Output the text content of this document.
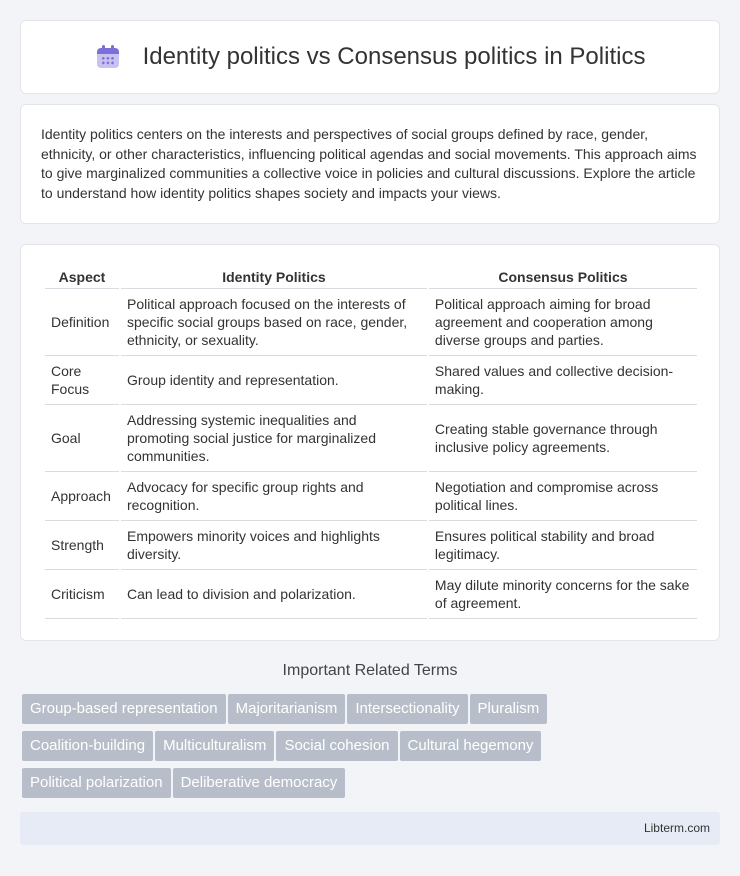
Identity politics vs Consensus politics in Politics

Identity politics centers on the interests and perspectives of social groups defined by race, gender, ethnicity, or other characteristics, influencing political agendas and social movements. This approach aims to give marginalized communities a collective voice in policies and cultural discussions. Explore the article to understand how identity politics shapes society and impacts your views.

Aspect	Identity Politics	Consensus Politics
Definition	Political approach focused on the interests of specific social groups based on race, gender, ethnicity, or sexuality.	Political approach aiming for broad agreement and cooperation among diverse groups and parties.
Core Focus	Group identity and representation.	Shared values and collective decision-making.
Goal	Addressing systemic inequalities and promoting social justice for marginalized communities.	Creating stable governance through inclusive policy agreements.
Approach	Advocacy for specific group rights and recognition.	Negotiation and compromise across political lines.
Strength	Empowers minority voices and highlights diversity.	Ensures political stability and broad legitimacy.
Criticism	Can lead to division and polarization.	May dilute minority concerns for the sake of agreement.
Important Related Terms
Group-based representation	Majoritarianism	Intersectionality	Pluralism
Coalition-building	Multiculturalism	Social cohesion	Cultural hegemony
Political polarization	Deliberative democracy
Libterm.com
